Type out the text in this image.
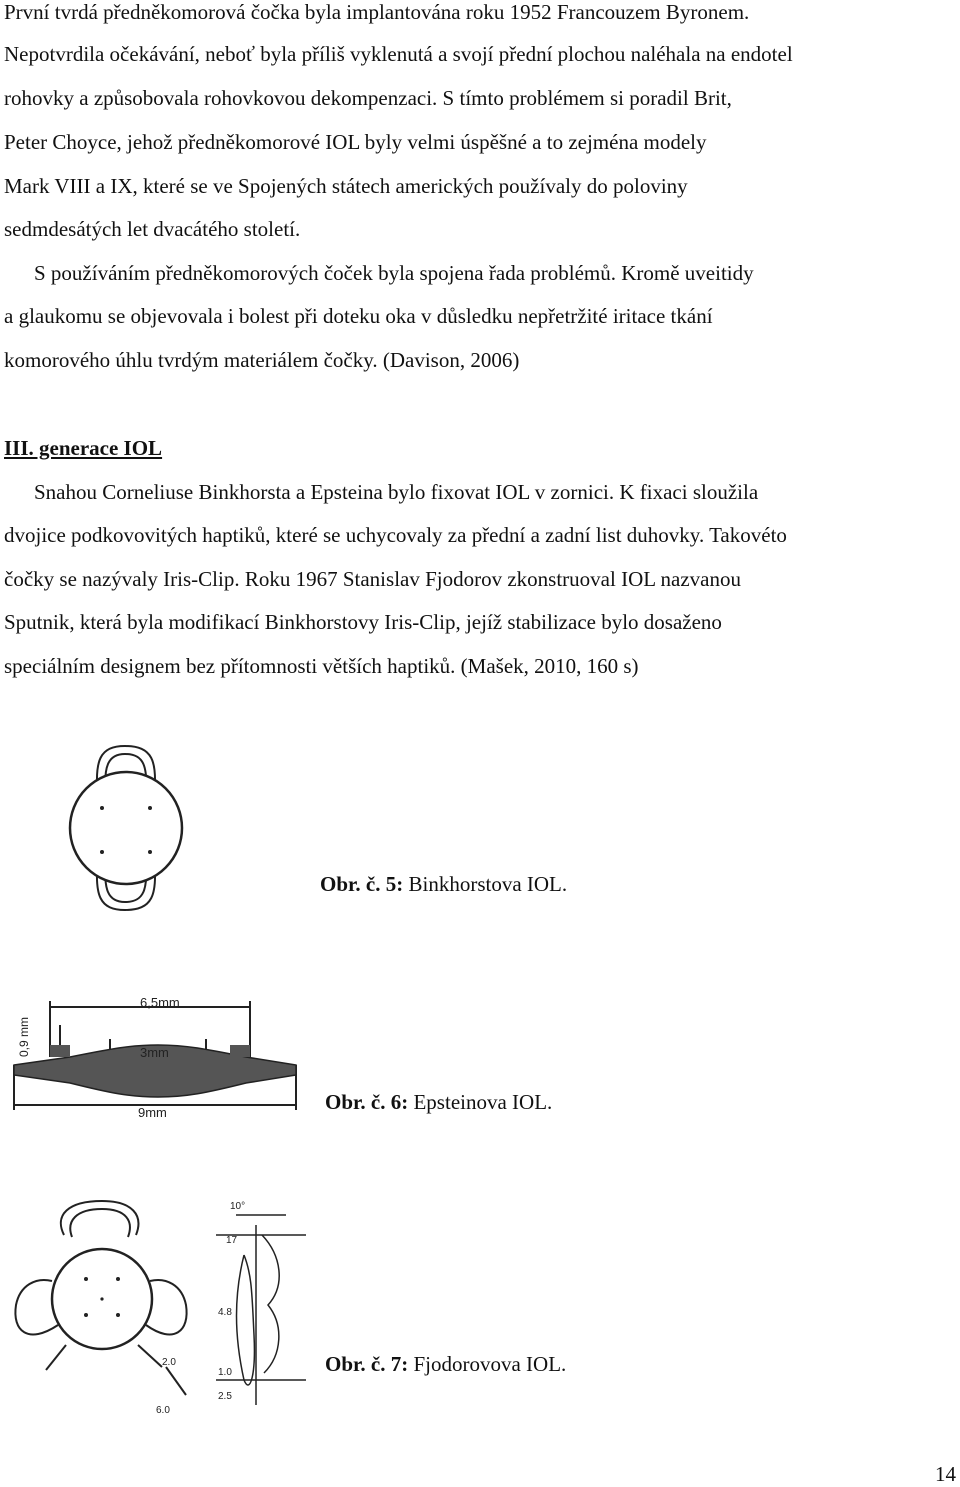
První tvrdá předněkomorová čočka byla implantována roku 1952 Francouzem Byronem.
Nepotvrdila očekávání, neboť byla příliš vyklenutá a svojí přední plochou naléhala na endotel
rohovky a způsobovala rohovkovou dekompenzaci. S tímto problémem si poradil Brit,
Peter Choyce, jehož předněkomorové IOL byly velmi úspěšné a to zejména modely
Mark VIII a IX, které se ve Spojených státech amerických používaly do poloviny
sedmdesátých let dvacátého století.
S používáním předněkomorových čoček byla spojena řada problémů. Kromě uveitidy
a glaukomu se objevovala i bolest při doteku oka v důsledku nepřetržité iritace tkání
komorového úhlu tvrdým materiálem čočky. (Davison, 2006)
III. generace IOL
Snahou Corneliuse Binkhorsta a Epsteina bylo fixovat IOL v zornici. K fixaci sloužila
dvojice podkovovitých haptiků, které se uchycovaly za přední a zadní list duhovky. Takovéto
čočky se nazývaly Iris-Clip. Roku 1967 Stanislav Fjodorov zkonstruoval IOL nazvanou
Sputnik, která byla modifikací Binkhorstovy Iris-Clip, jejíž stabilizace bylo dosaženo
speciálním designem bez přítomnosti větších haptiků. (Mašek, 2010, 160 s)
Obr. č. 5: Binkhorstova IOL.
6,5mm
3mm
9mm
0,9 mm
Obr. č. 6: Epsteinova IOL.
10°
17
4.8
2.0
1.0
2.5
6.0
Obr. č. 7: Fjodorovova IOL.
14
